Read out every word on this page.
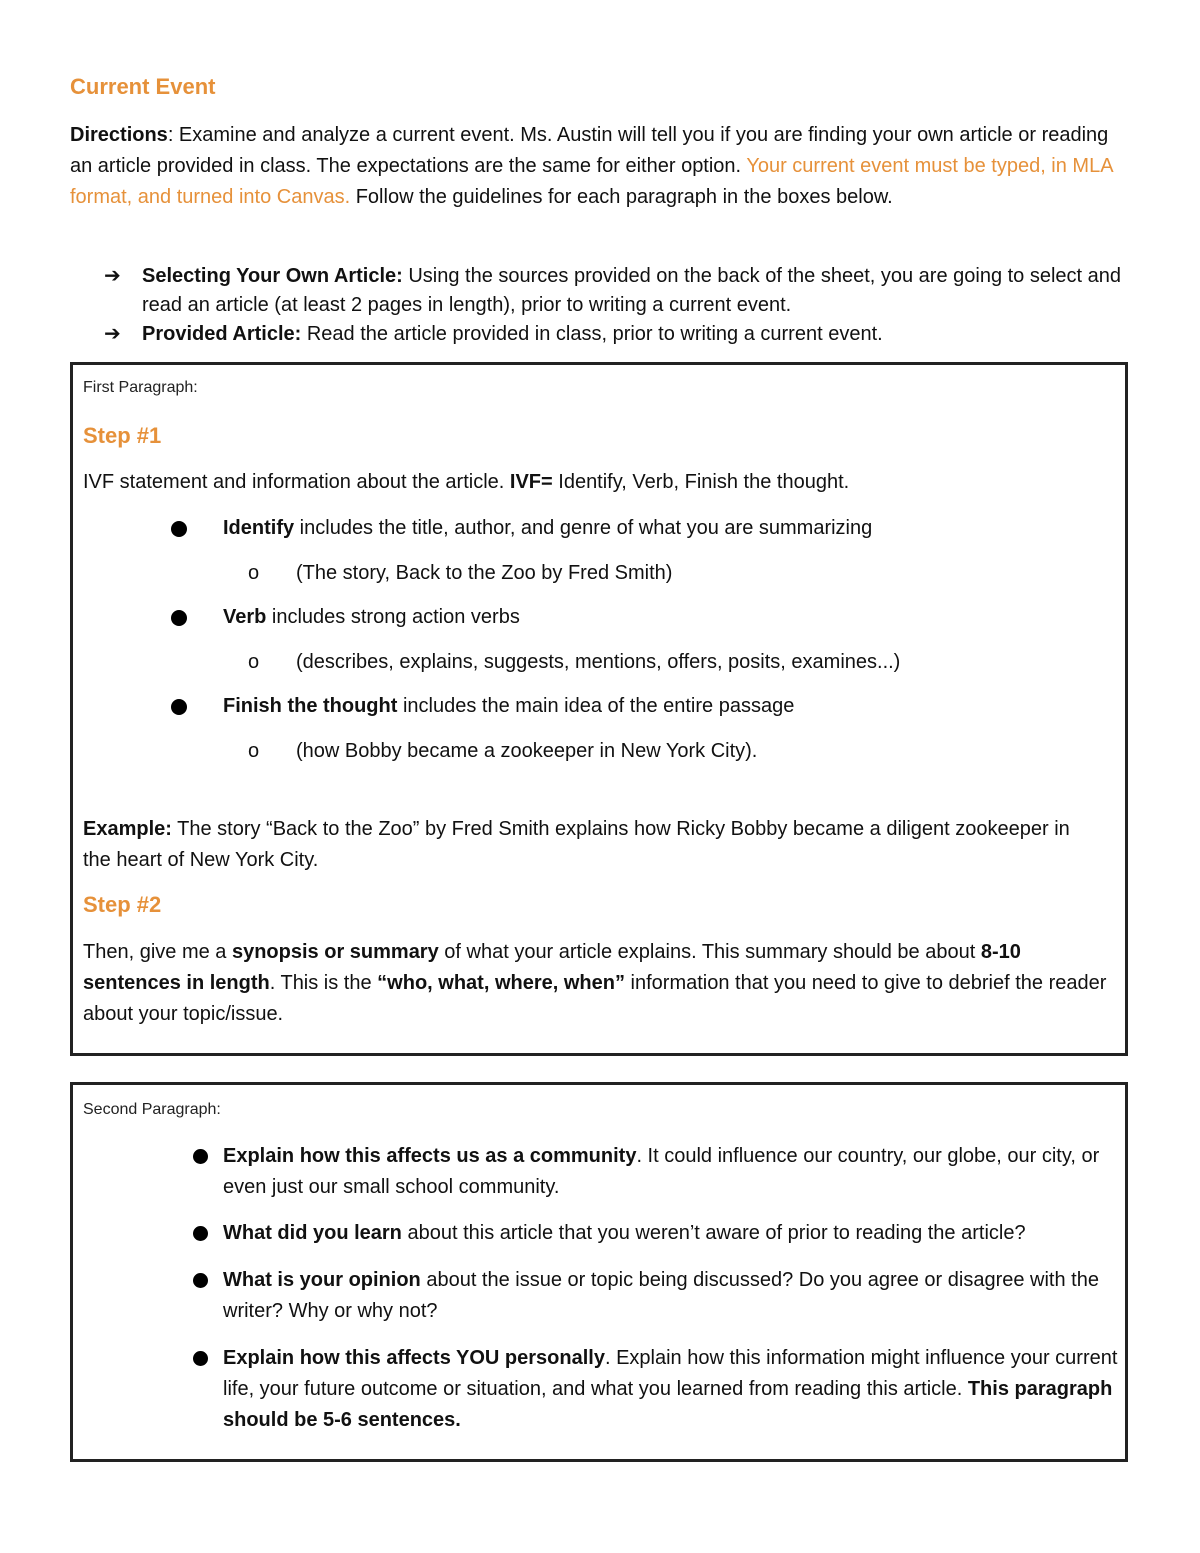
Current Event
Directions: Examine and analyze a current event. Ms. Austin will tell you if you are finding your own article or reading an article provided in class. The expectations are the same for either option. Your current event must be typed, in MLA format, and turned into Canvas. Follow the guidelines for each paragraph in the boxes below.
➔ Selecting Your Own Article: Using the sources provided on the back of the sheet, you are going to select and read an article (at least 2 pages in length), prior to writing a current event.
➔ Provided Article: Read the article provided in class, prior to writing a current event.
First Paragraph:
Step #1
IVF statement and information about the article. IVF= Identify, Verb, Finish the thought.
Identify includes the title, author, and genre of what you are summarizing
o (The story, Back to the Zoo by Fred Smith)
Verb includes strong action verbs
o (describes, explains, suggests, mentions, offers, posits, examines...)
Finish the thought includes the main idea of the entire passage
o (how Bobby became a zookeeper in New York City).
Example: The story “Back to the Zoo” by Fred Smith explains how Ricky Bobby became a diligent zookeeper in the heart of New York City.
Step #2
Then, give me a synopsis or summary of what your article explains. This summary should be about 8-10 sentences in length. This is the “who, what, where, when” information that you need to give to debrief the reader about your topic/issue.
Second Paragraph:
Explain how this affects us as a community. It could influence our country, our globe, our city, or even just our small school community.
What did you learn about this article that you weren’t aware of prior to reading the article?
What is your opinion about the issue or topic being discussed? Do you agree or disagree with the writer? Why or why not?
Explain how this affects YOU personally. Explain how this information might influence your current life, your future outcome or situation, and what you learned from reading this article. This paragraph should be 5-6 sentences.
